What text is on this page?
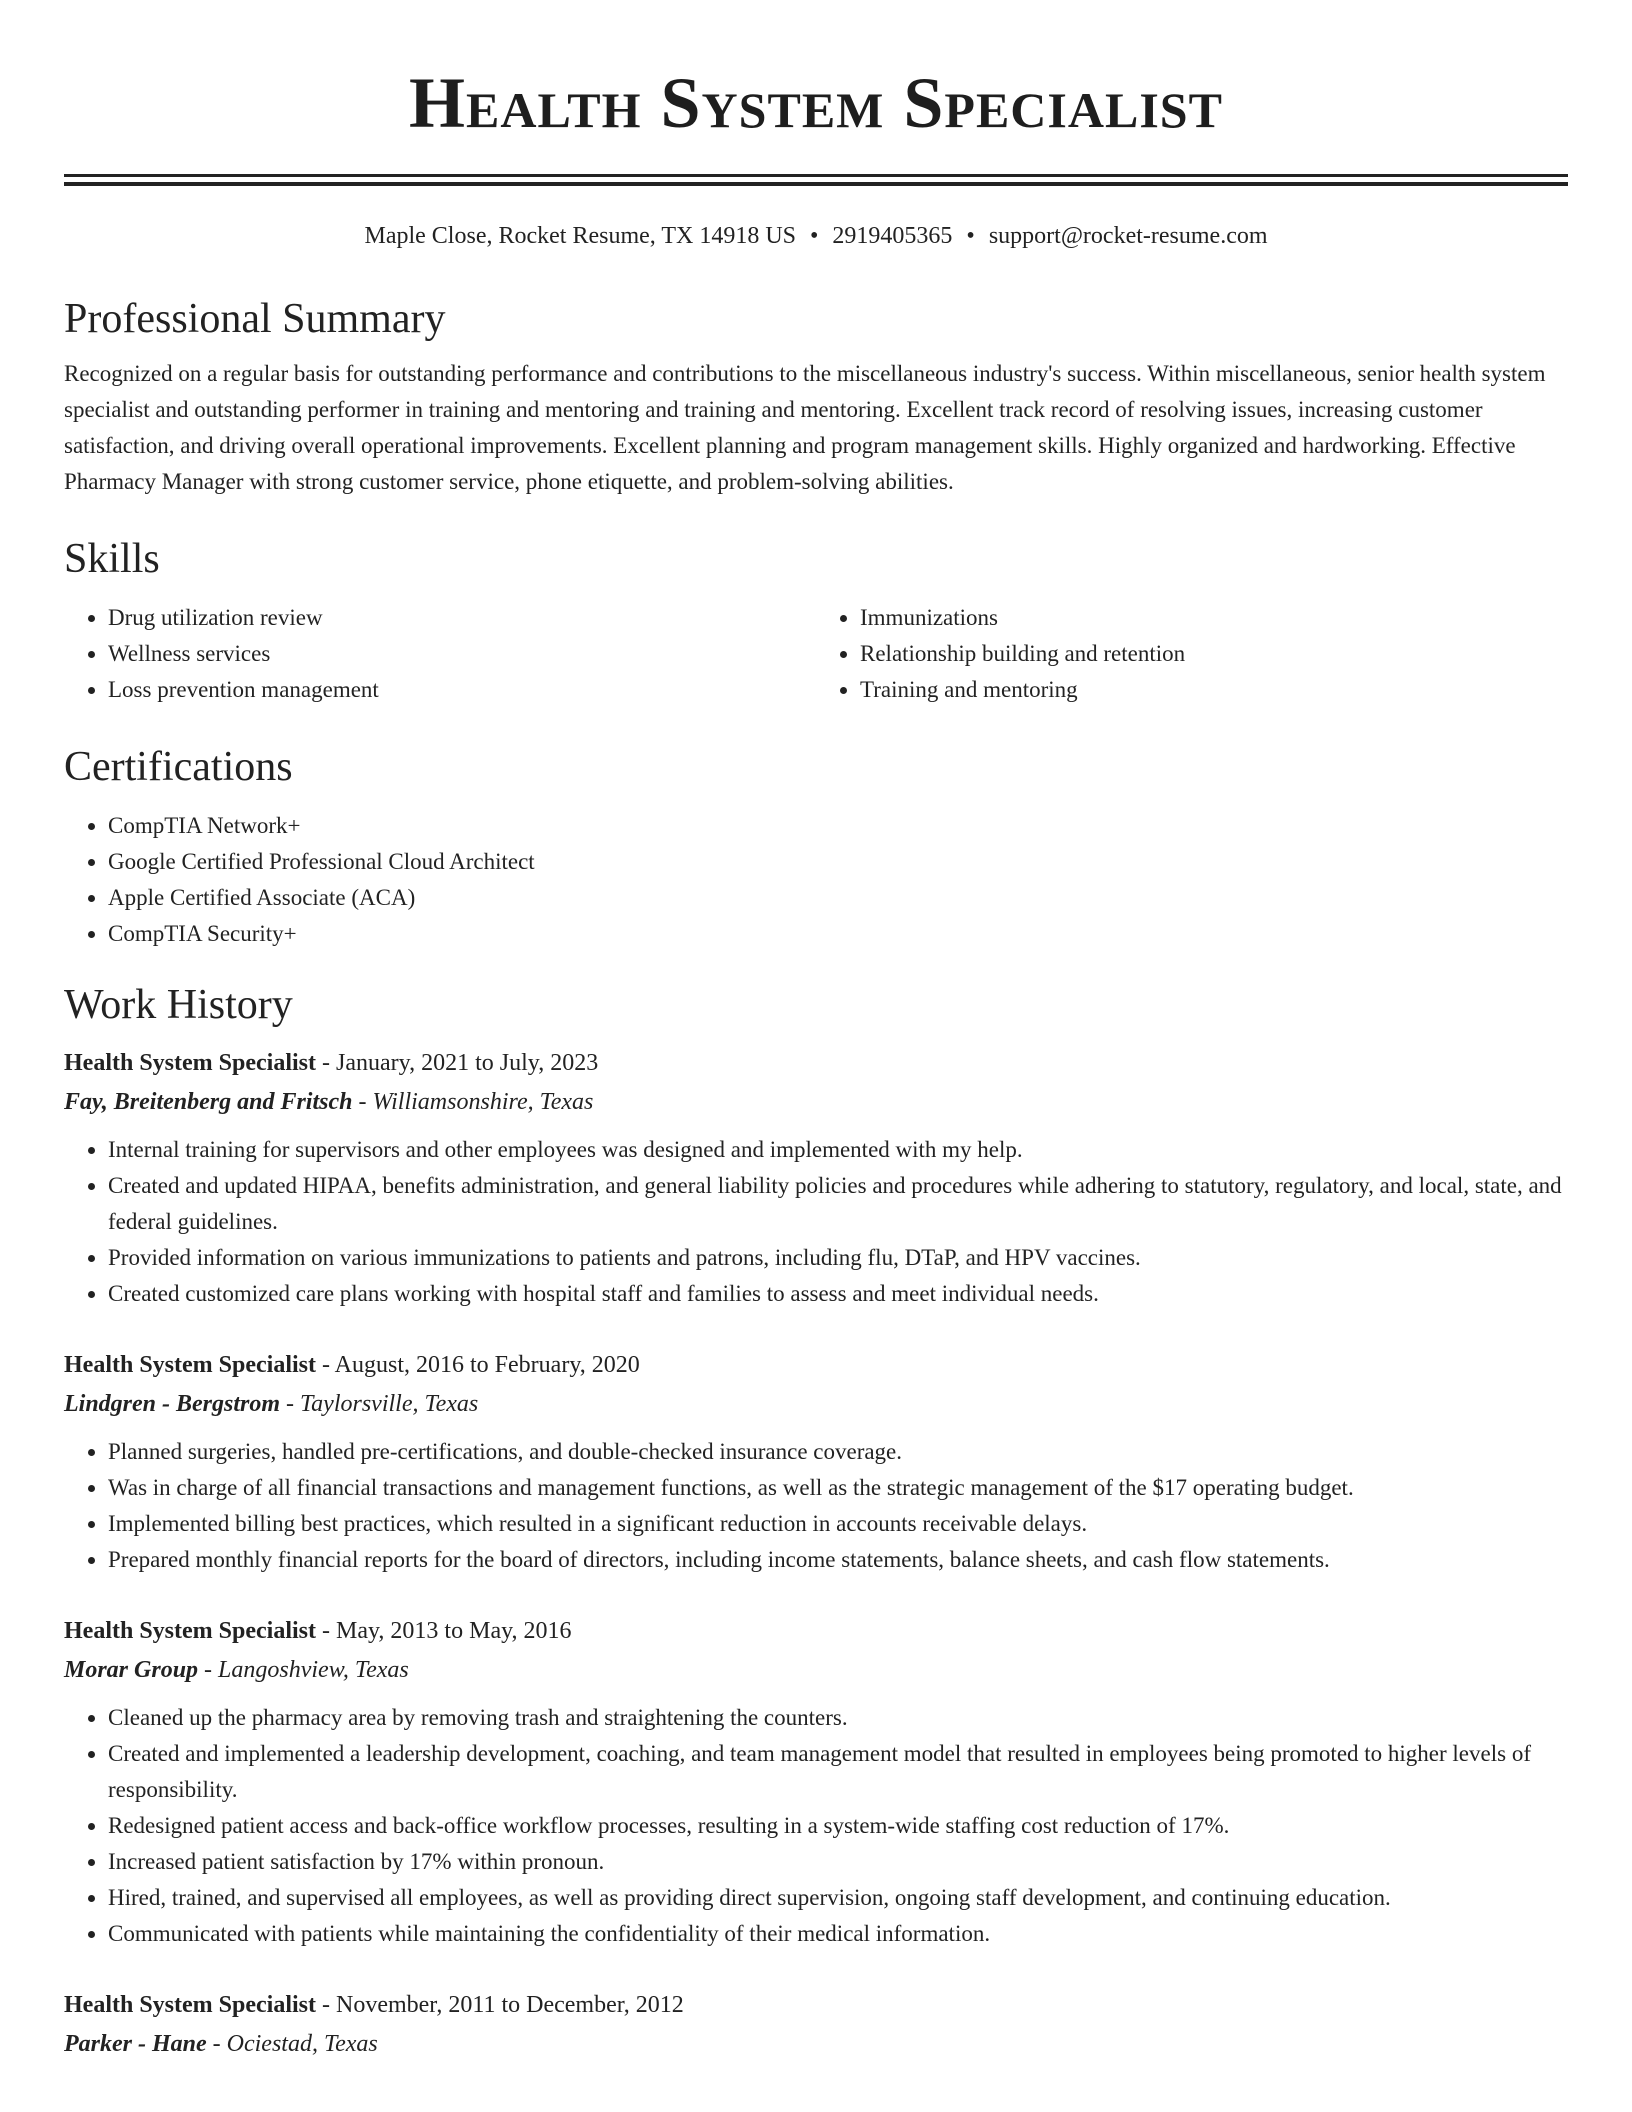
Health System Specialist
Maple Close, Rocket Resume, TX 14918 US • 2919405365 • support@rocket-resume.com
Professional Summary

Recognized on a regular basis for outstanding performance and contributions to the miscellaneous industry's success. Within miscellaneous, senior health system specialist and outstanding performer in training and mentoring and training and mentoring. Excellent track record of resolving issues, increasing customer satisfaction, and driving overall operational improvements. Excellent planning and program management skills. Highly organized and hardworking. Effective Pharmacy Manager with strong customer service, phone etiquette, and problem-solving abilities.

Skills
• Drug utilization review
• Wellness services
• Loss prevention management
• Immunizations
• Relationship building and retention
• Training and mentoring
Certifications
• CompTIA Network+
• Google Certified Professional Cloud Architect
• Apple Certified Associate (ACA)
• CompTIA Security+
Work History
Health System Specialist - January, 2021 to July, 2023
Fay, Breitenberg and Fritsch - Williamsonshire, Texas
• Internal training for supervisors and other employees was designed and implemented with my help.
• Created and updated HIPAA, benefits administration, and general liability policies and procedures while adhering to statutory, regulatory, and local, state, and federal guidelines.
• Provided information on various immunizations to patients and patrons, including flu, DTaP, and HPV vaccines.
• Created customized care plans working with hospital staff and families to assess and meet individual needs.
Health System Specialist - August, 2016 to February, 2020
Lindgren - Bergstrom - Taylorsville, Texas
• Planned surgeries, handled pre-certifications, and double-checked insurance coverage.
• Was in charge of all financial transactions and management functions, as well as the strategic management of the $17 operating budget.
• Implemented billing best practices, which resulted in a significant reduction in accounts receivable delays.
• Prepared monthly financial reports for the board of directors, including income statements, balance sheets, and cash flow statements.
Health System Specialist - May, 2013 to May, 2016
Morar Group - Langoshview, Texas
• Cleaned up the pharmacy area by removing trash and straightening the counters.
• Created and implemented a leadership development, coaching, and team management model that resulted in employees being promoted to higher levels of responsibility.
• Redesigned patient access and back-office workflow processes, resulting in a system-wide staffing cost reduction of 17%.
• Increased patient satisfaction by 17% within pronoun.
• Hired, trained, and supervised all employees, as well as providing direct supervision, ongoing staff development, and continuing education.
• Communicated with patients while maintaining the confidentiality of their medical information.
Health System Specialist - November, 2011 to December, 2012
Parker - Hane - Ociestad, Texas
